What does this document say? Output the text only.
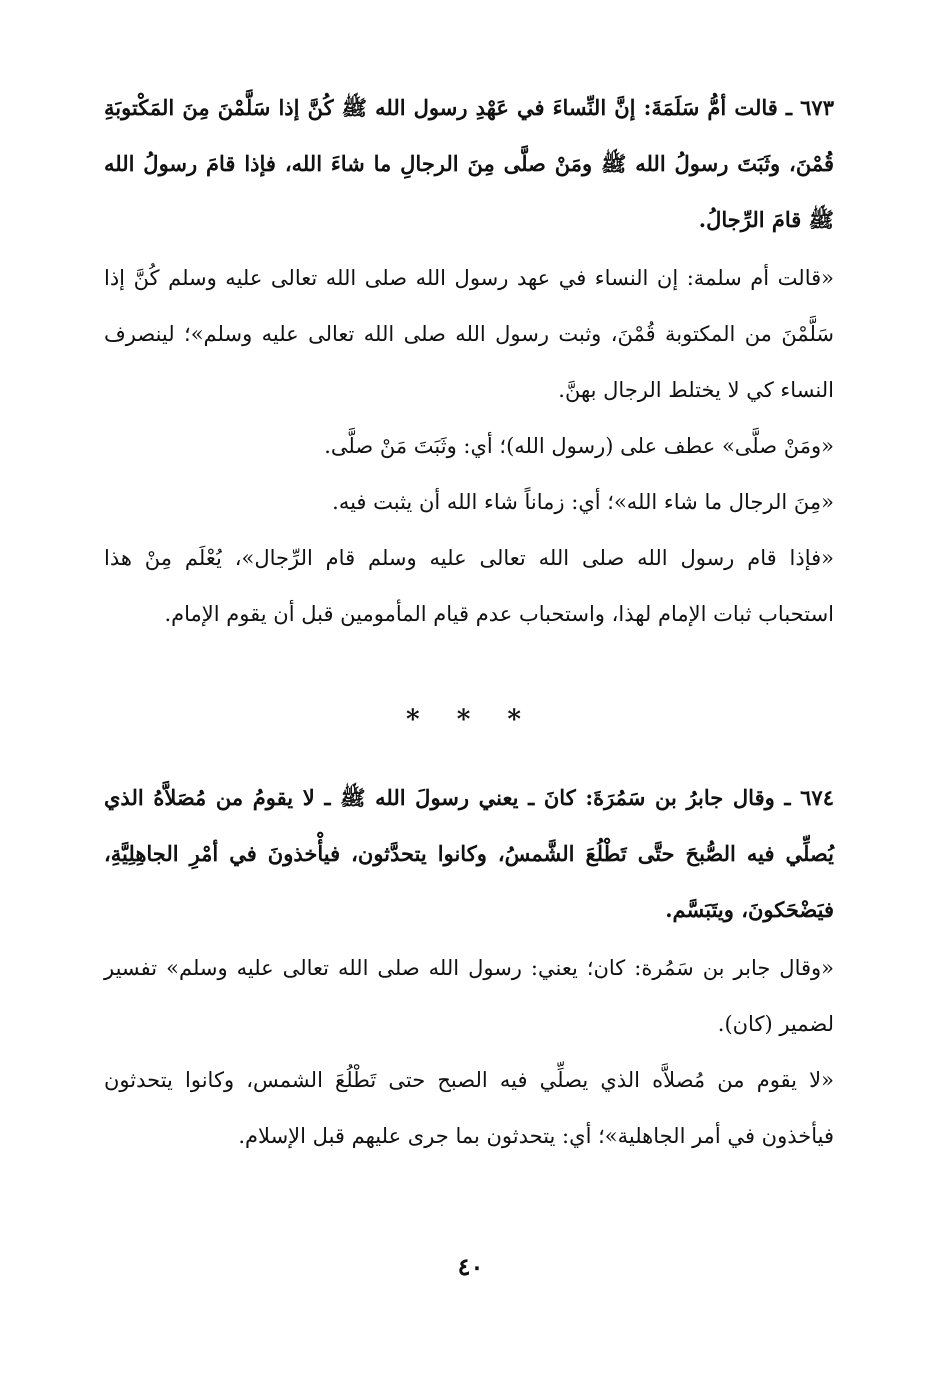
٦٧٣ ـ قالت أمُّ سَلَمَةَ: إنَّ النِّساءَ في عَهْدِ رسول الله ﷺ كُنَّ إذا سَلَّمْنَ مِنَ المَكْتوبَةِ قُمْنَ، وثَبَتَ رسولُ الله ﷺ ومَنْ صلَّى مِنَ الرجالِ ما شاءَ الله، فإذا قامَ رسولُ الله ﷺ قامَ الرِّجالُ.

«قالت أم سلمة: إن النساء في عهد رسول الله صلى الله تعالى عليه وسلم كُنَّ إذا سَلَّمْنَ من المكتوبة قُمْنَ، وثبت رسول الله صلى الله تعالى عليه وسلم»؛ لينصرف النساء كي لا يختلط الرجال بهنَّ.

«ومَنْ صلَّى» عطف على (رسول الله)؛ أي: وثَبَتَ مَنْ صلَّى.

«مِنَ الرجال ما شاء الله»؛ أي: زماناً شاء الله أن يثبت فيه.

«فإذا قام رسول الله صلى الله تعالى عليه وسلم قام الرِّجال»، يُعْلَم مِنْ هذا استحباب ثبات الإمام لهذا، واستحباب عدم قيام المأمومين قبل أن يقوم الإمام.

* * *

٦٧٤ ـ وقال جابرُ بن سَمُرَةَ: كانَ ـ يعني رسولَ الله ﷺ ـ لا يقومُ من مُصَلاَّهُ الذي يُصلِّي فيه الصُّبحَ حتَّى تَطْلُعَ الشَّمسُ، وكانوا يتحدَّثون، فيأْخذونَ في أمْرِ الجاهِلِيَّةِ، فيَضْحَكونَ، ويتَبَسَّم.

«وقال جابر بن سَمُرة: كان؛ يعني: رسول الله صلى الله تعالى عليه وسلم» تفسير لضمير (كان).

«لا يقوم من مُصلاَّه الذي يصلِّي فيه الصبح حتى تَطْلُعَ الشمس، وكانوا يتحدثون فيأخذون في أمر الجاهلية»؛ أي: يتحدثون بما جرى عليهم قبل الإسلام.

٤٠
